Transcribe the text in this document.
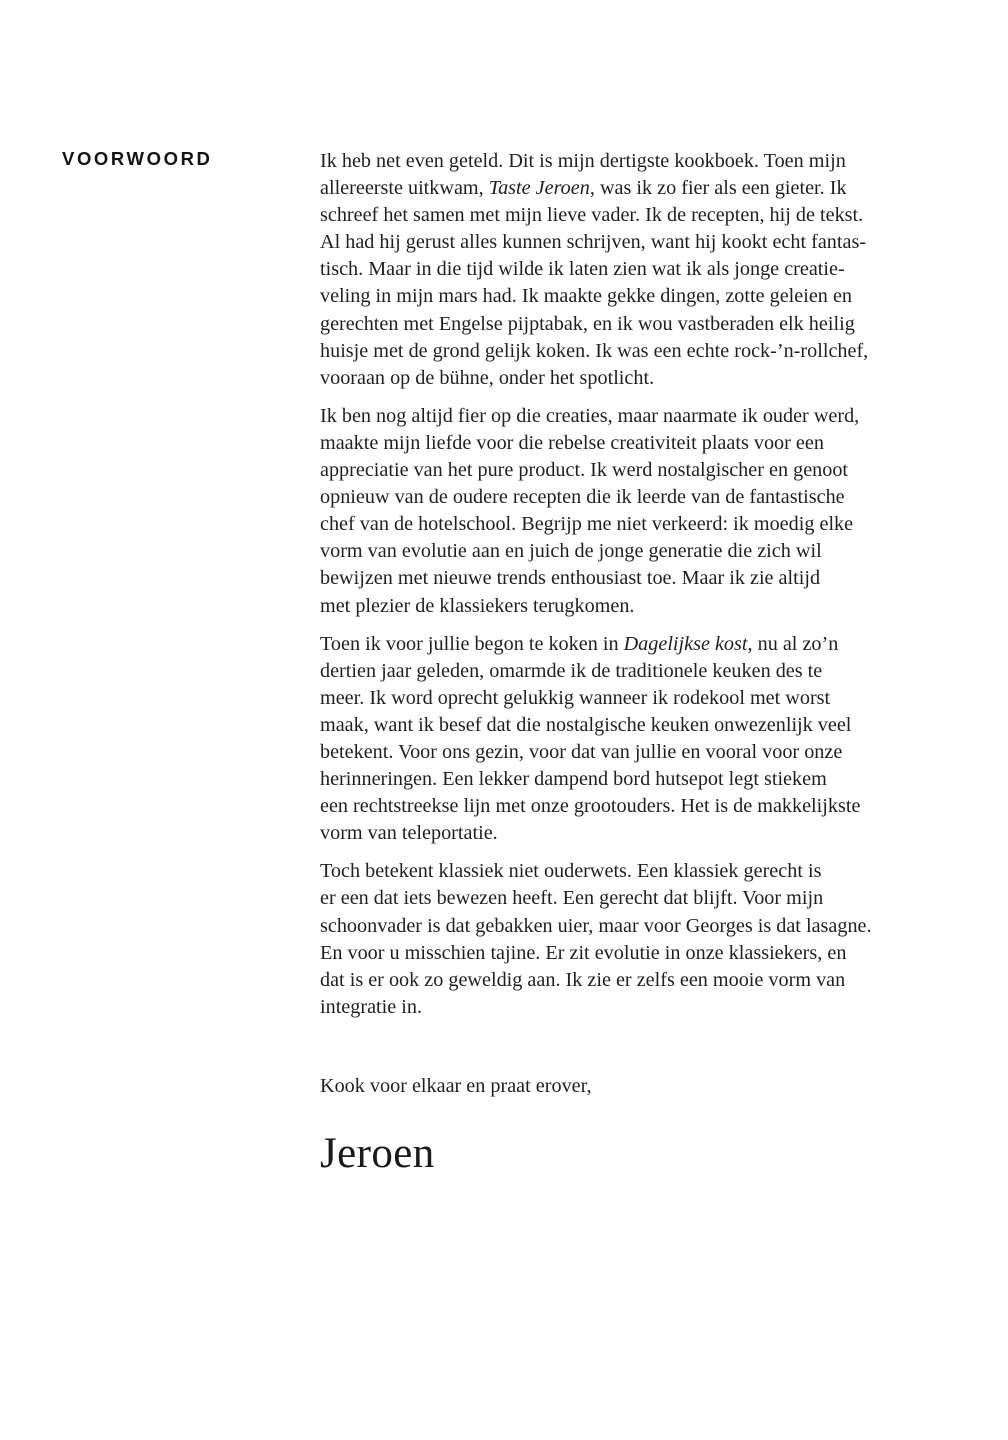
VOORWOORD	Ik heb net even geteld. Dit is mijn dertigste kookboek. Toen mijn
allereerste uitkwam, Taste Jeroen, was ik zo fier als een gieter. Ik
schreef het samen met mijn lieve vader. Ik de recepten, hij de tekst.
Al had hij gerust alles kunnen schrijven, want hij kookt echt fantas-
tisch. Maar in die tijd wilde ik laten zien wat ik als jonge creatie-
veling in mijn mars had. Ik maakte gekke dingen, zotte geleien en
gerechten met Engelse pijptabak, en ik wou vastberaden elk heilig
huisje met de grond gelijk koken. Ik was een echte rock-’n-rollchef,
vooraan op de bühne, onder het spotlicht.

Ik ben nog altijd fier op die creaties, maar naarmate ik ouder werd,
maakte mijn liefde voor die rebelse creativiteit plaats voor een
appreciatie van het pure product. Ik werd nostalgischer en genoot
opnieuw van de oudere recepten die ik leerde van de fantastische
chef van de hotelschool. Begrijp me niet verkeerd: ik moedig elke
vorm van evolutie aan en juich de jonge generatie die zich wil
bewijzen met nieuwe trends enthousiast toe. Maar ik zie altijd
met plezier de klassiekers terugkomen.

Toen ik voor jullie begon te koken in Dagelijkse kost, nu al zo’n
dertien jaar geleden, omarmde ik de traditionele keuken des te
meer. Ik word oprecht gelukkig wanneer ik rodekool met worst
maak, want ik besef dat die nostalgische keuken onwezenlijk veel
betekent. Voor ons gezin, voor dat van jullie en vooral voor onze
herinneringen. Een lekker dampend bord hutsepot legt stiekem
een rechtstreekse lijn met onze grootouders. Het is de makkelijkste
vorm van teleportatie.

Toch betekent klassiek niet ouderwets. Een klassiek gerecht is
er een dat iets bewezen heeft. Een gerecht dat blijft. Voor mijn
schoonvader is dat gebakken uier, maar voor Georges is dat lasagne.
En voor u misschien tajine. Er zit evolutie in onze klassiekers, en
dat is er ook zo geweldig aan. Ik zie er zelfs een mooie vorm van
integratie in.

Kook voor elkaar en praat erover,

Jeroen
